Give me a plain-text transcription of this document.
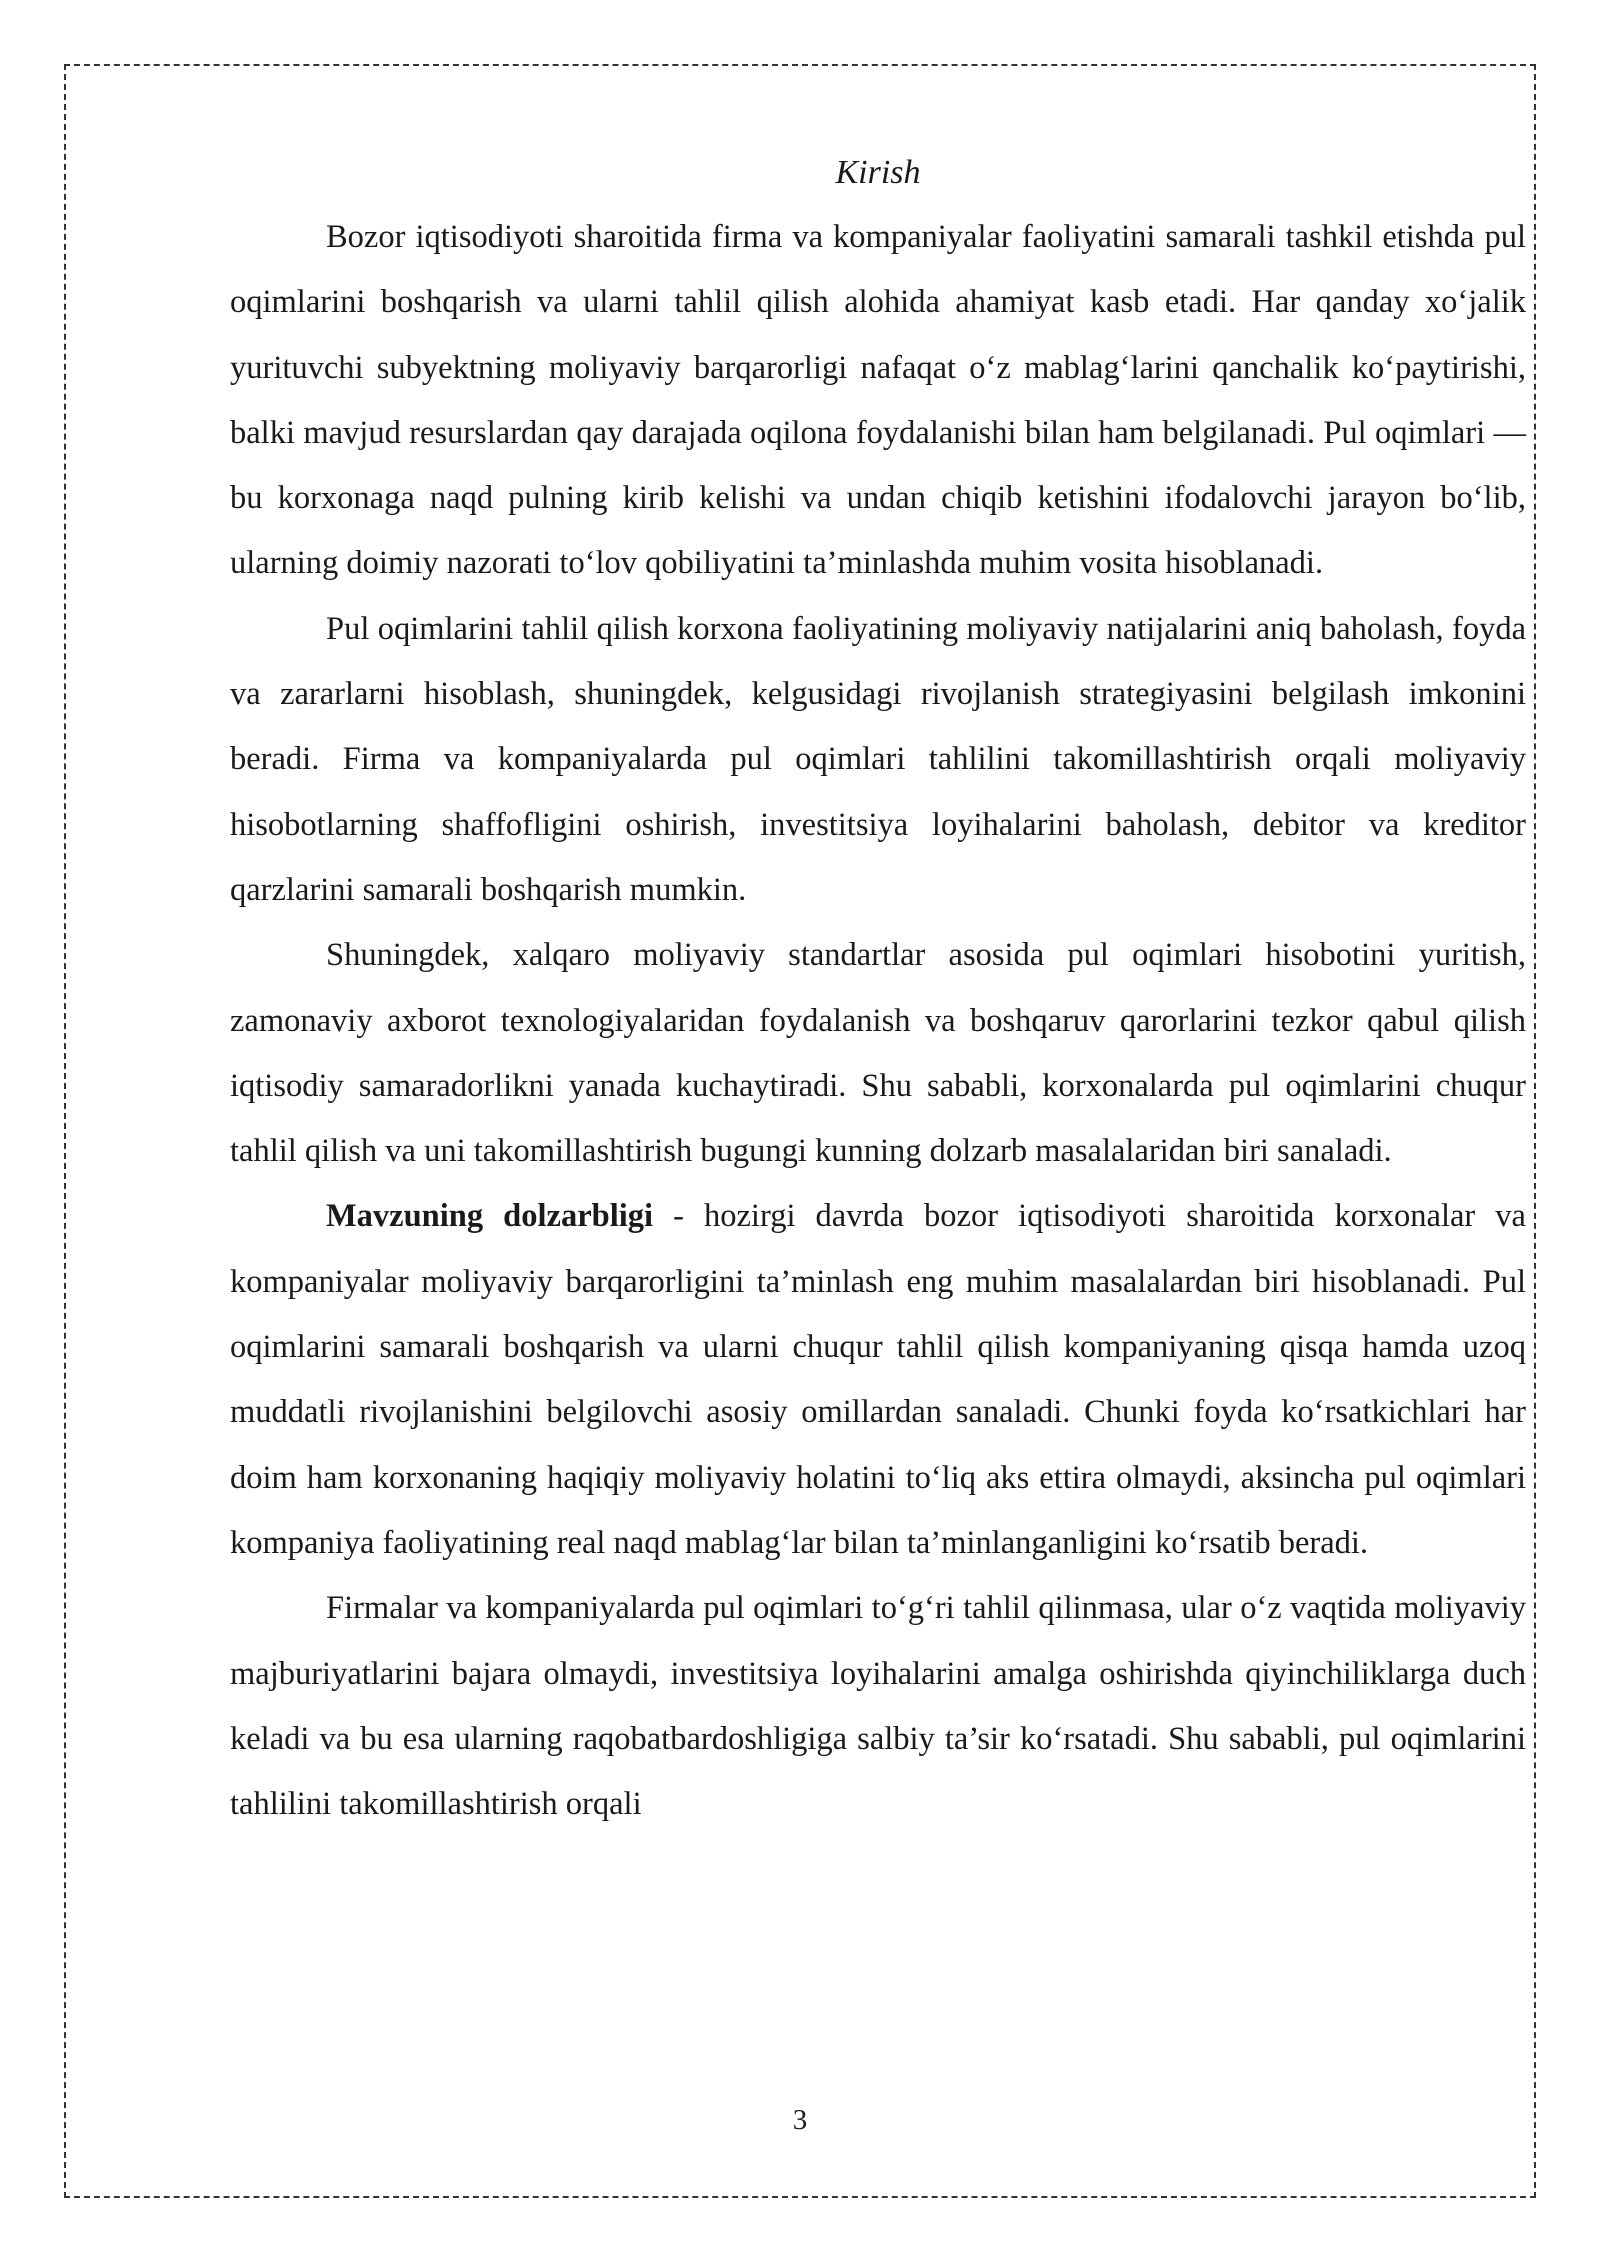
Kirish

Bozor iqtisodiyoti sharoitida firma va kompaniyalar faoliyatini samarali tashkil etishda pul oqimlarini boshqarish va ularni tahlil qilish alohida ahamiyat kasb etadi. Har qanday xo‘jalik yurituvchi subyektning moliyaviy barqarorligi nafaqat o‘z mablag‘larini qanchalik ko‘paytirishi, balki mavjud resurslardan qay darajada oqilona foydalanishi bilan ham belgilanadi. Pul oqimlari — bu korxonaga naqd pulning kirib kelishi va undan chiqib ketishini ifodalovchi jarayon bo‘lib, ularning doimiy nazorati to‘lov qobiliyatini ta’minlashda muhim vosita hisoblanadi.

Pul oqimlarini tahlil qilish korxona faoliyatining moliyaviy natijalarini aniq baholash, foyda va zararlarni hisoblash, shuningdek, kelgusidagi rivojlanish strategiyasini belgilash imkonini beradi. Firma va kompaniyalarda pul oqimlari tahlilini takomillashtirish orqali moliyaviy hisobotlarning shaffofligini oshirish, investitsiya loyihalarini baholash, debitor va kreditor qarzlarini samarali boshqarish mumkin.

Shuningdek, xalqaro moliyaviy standartlar asosida pul oqimlari hisobotini yuritish, zamonaviy axborot texnologiyalaridan foydalanish va boshqaruv qarorlarini tezkor qabul qilish iqtisodiy samaradorlikni yanada kuchaytiradi. Shu sababli, korxonalarda pul oqimlarini chuqur tahlil qilish va uni takomillashtirish bugungi kunning dolzarb masalalaridan biri sanaladi.

Mavzuning dolzarbligi - hozirgi davrda bozor iqtisodiyoti sharoitida korxonalar va kompaniyalar moliyaviy barqarorligini ta’minlash eng muhim masalalardan biri hisoblanadi. Pul oqimlarini samarali boshqarish va ularni chuqur tahlil qilish kompaniyaning qisqa hamda uzoq muddatli rivojlanishini belgilovchi asosiy omillardan sanaladi. Chunki foyda ko‘rsatkichlari har doim ham korxonaning haqiqiy moliyaviy holatini to‘liq aks ettira olmaydi, aksincha pul oqimlari kompaniya faoliyatining real naqd mablag‘lar bilan ta’minlanganligini ko‘rsatib beradi.

Firmalar va kompaniyalarda pul oqimlari to‘g‘ri tahlil qilinmasa, ular o‘z vaqtida moliyaviy majburiyatlarini bajara olmaydi, investitsiya loyihalarini amalga oshirishda qiyinchiliklarga duch keladi va bu esa ularning raqobatbardoshligiga salbiy ta’sir ko‘rsatadi. Shu sababli, pul oqimlarini tahlilini takomillashtirish orqali

3
